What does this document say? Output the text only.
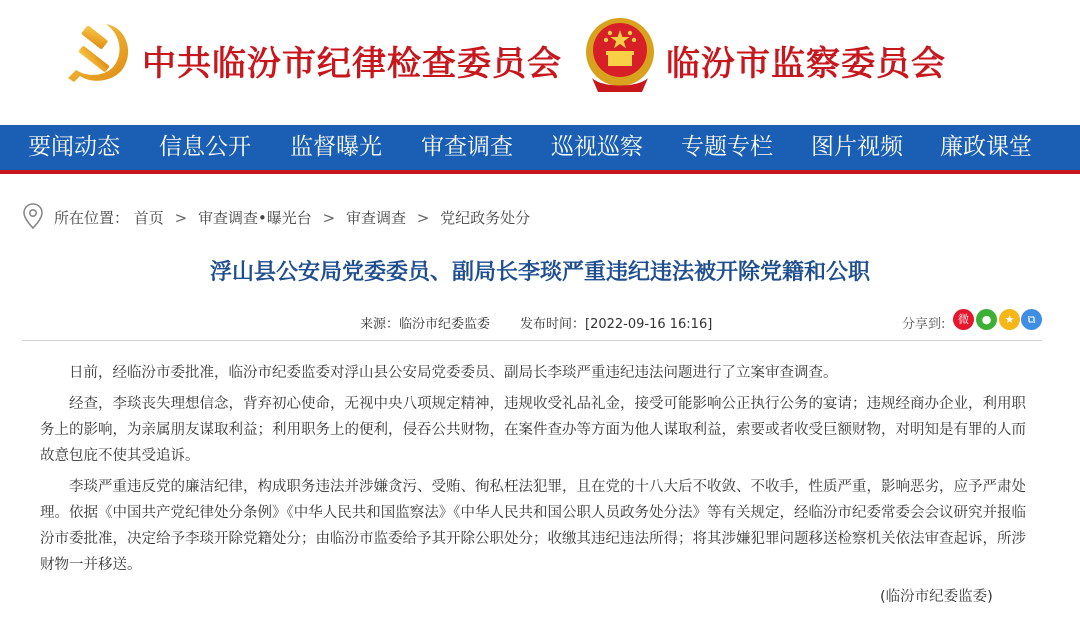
中共临汾市纪律检查委员会	临汾市监察委员会
要闻动态 信息公开 监督曝光 审查调查 巡视巡察 专题专栏 图片视频 廉政课堂
所在位置： 首页 > 审查调查•曝光台 > 审查调查 > 党纪政务处分
浮山县公安局党委委员、副局长李琰严重违纪违法被开除党籍和公职
来源：临汾市纪委监委 发布时间：[2022-09-16 16:16]	分享到:	微	●	★	⧉

日前，经临汾市委批准，临汾市纪委监委对浮山县公安局党委委员、副局长李琰严重违纪违法问题进行了立案审查调查。

经查，李琰丧失理想信念，背弃初心使命，无视中央八项规定精神，违规收受礼品礼金，接受可能影响公正执行公务的宴请；违规经商办企业，利用职务上的影响，为亲属朋友谋取利益；利用职务上的便利，侵吞公共财物，在案件查办等方面为他人谋取利益，索要或者收受巨额财物，对明知是有罪的人而故意包庇不使其受追诉。

李琰严重违反党的廉洁纪律，构成职务违法并涉嫌贪污、受贿、徇私枉法犯罪，且在党的十八大后不收敛、不收手，性质严重，影响恶劣，应予严肃处理。依据《中国共产党纪律处分条例》《中华人民共和国监察法》《中华人民共和国公职人员政务处分法》等有关规定，经临汾市纪委常委会会议研究并报临汾市委批准，决定给予李琰开除党籍处分；由临汾市监委给予其开除公职处分；收缴其违纪违法所得；将其涉嫌犯罪问题移送检察机关依法审查起诉，所涉财物一并移送。

(临汾市纪委监委)
